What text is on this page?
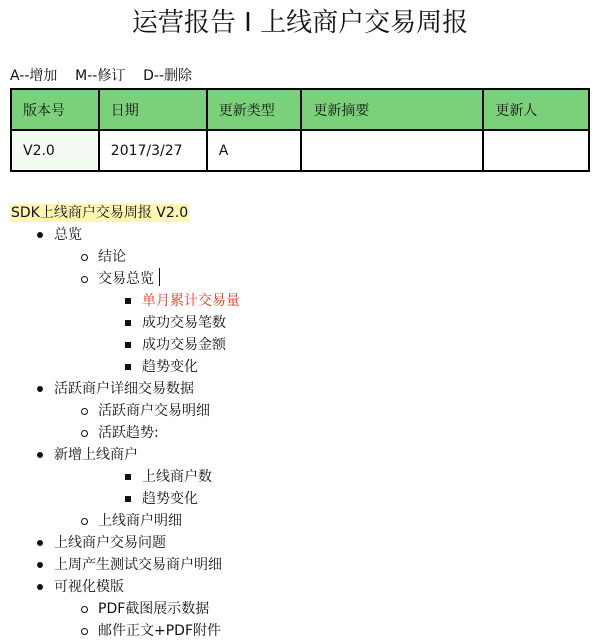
运营报告 I 上线商户交易周报
A--增加    M--修订    D--删除
版本号	日期	更新类型	更新摘要	更新人
V2.0	2017/3/27	A		
SDK上线商户交易周报 V2.0
总览
结论
交易总览
单月累计交易量
成功交易笔数
成功交易金额
趋势变化
活跃商户详细交易数据
活跃商户交易明细
活跃趋势:
新增上线商户
上线商户数
趋势变化
上线商户明细
上线商户交易问题
上周产生测试交易商户明细
可视化模版
PDF截图展示数据
邮件正文+PDF附件
